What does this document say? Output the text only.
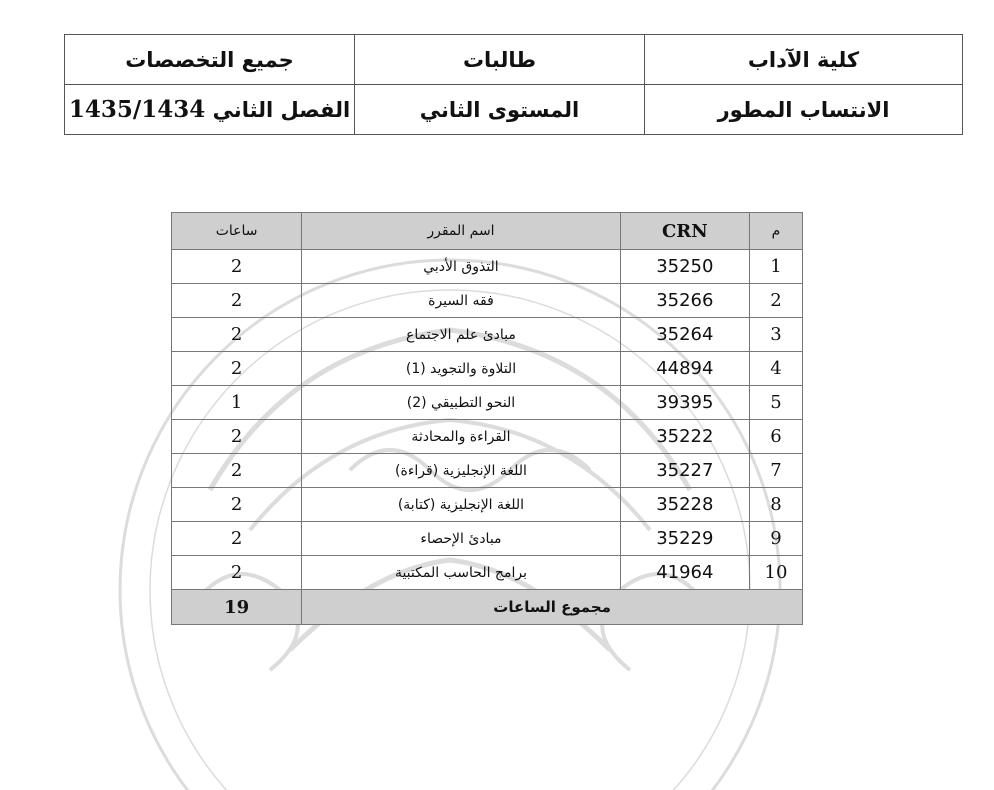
كلية الآداب	طالبات	جميع التخصصات
الانتساب المطور	المستوى الثاني	الفصل الثاني 1435/1434
م	CRN	اسم المقرر	ساعات
1	35250	التذوق الأدبي	2
2	35266	فقه السيرة	2
3	35264	مبادئ علم الاجتماع	2
4	44894	التلاوة والتجويد (1)	2
5	39395	النحو التطبيقي (2)	1
6	35222	القراءة والمحادثة	2
7	35227	اللغة الإنجليزية (قراءة)	2
8	35228	اللغة الإنجليزية (كتابة)	2
9	35229	مبادئ الإحصاء	2
10	41964	برامج الحاسب المكتبية	2
مجموع الساعات			19
